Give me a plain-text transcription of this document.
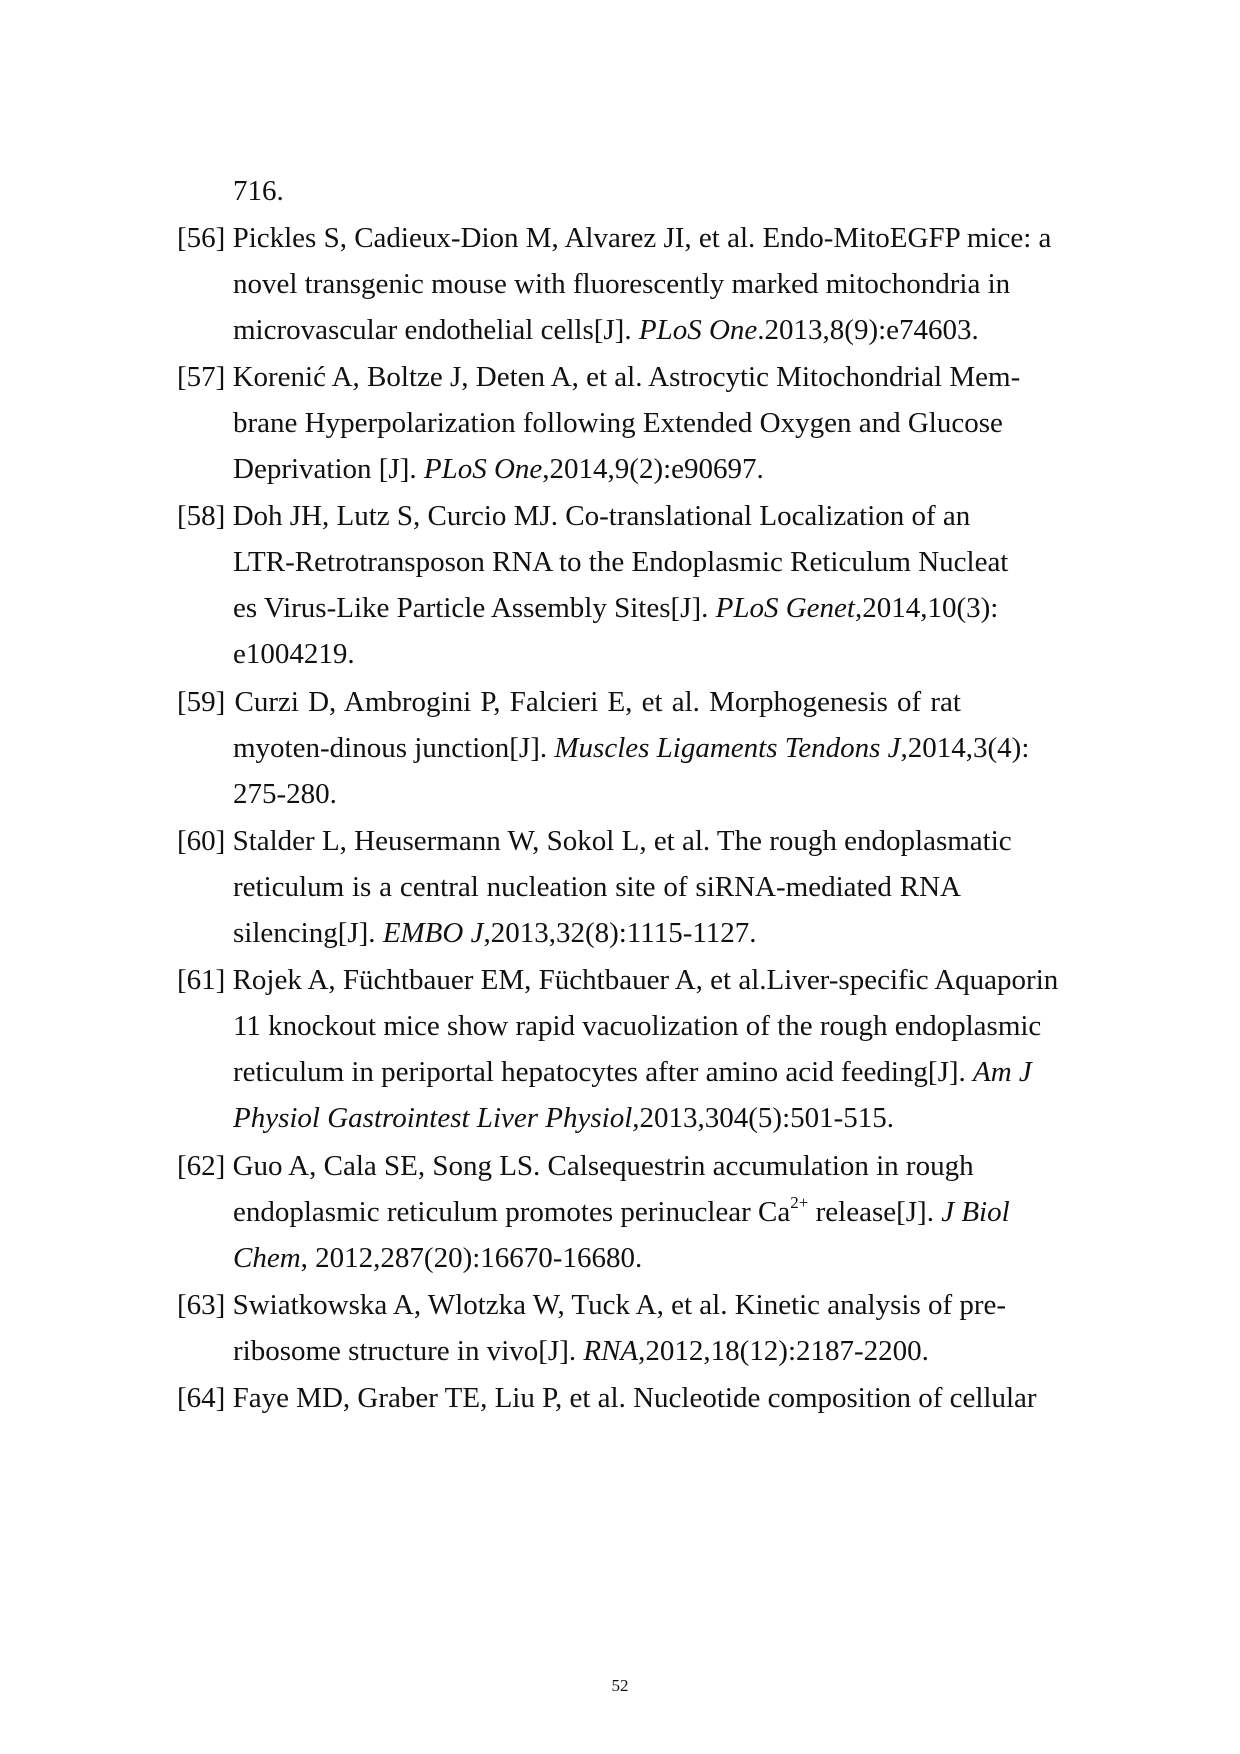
716.
[56] Pickles S, Cadieux-Dion M, Alvarez JI, et al. Endo-MitoEGFP mice: a
novel transgenic mouse with fluorescently marked mitochondria in
microvascular endothelial cells[J]. PLoS One.2013,8(9):e74603.
[57] Korenić A, Boltze J, Deten A, et al. Astrocytic Mitochondrial Mem-
brane Hyperpolarization following Extended Oxygen and Glucose
Deprivation [J]. PLoS One,2014,9(2):e90697.
[58] Doh JH, Lutz S, Curcio MJ. Co-translational Localization of an
LTR-Retrotransposon RNA to the Endoplasmic Reticulum Nucleat
es Virus-Like Particle Assembly Sites[J]. PLoS Genet,2014,10(3):
e1004219.
[59] Curzi D, Ambrogini P, Falcieri E, et al. Morphogenesis of rat
myoten-dinous junction[J]. Muscles Ligaments Tendons J,2014,3(4):
275-280.
[60] Stalder L, Heusermann W, Sokol L, et al. The rough endoplasmatic
reticulum is a central nucleation site of siRNA-mediated RNA
silencing[J]. EMBO J,2013,32(8):1115-1127.
[61] Rojek A, Füchtbauer EM, Füchtbauer A, et al.Liver-specific Aquaporin
11 knockout mice show rapid vacuolization of the rough endoplasmic
reticulum in periportal hepatocytes after amino acid feeding[J]. Am J
Physiol Gastrointest Liver Physiol,2013,304(5):501-515.
[62] Guo A, Cala SE, Song LS. Calsequestrin accumulation in rough
endoplasmic reticulum promotes perinuclear $Ca^{2+}$ release[J]. J Biol
Chem, 2012,287(20):16670-16680.
[63] Swiatkowska A, Wlotzka W, Tuck A, et al. Kinetic analysis of pre-
ribosome structure in vivo[J]. RNA,2012,18(12):2187-2200.
[64] Faye MD, Graber TE, Liu P, et al. Nucleotide composition of cellular
52
